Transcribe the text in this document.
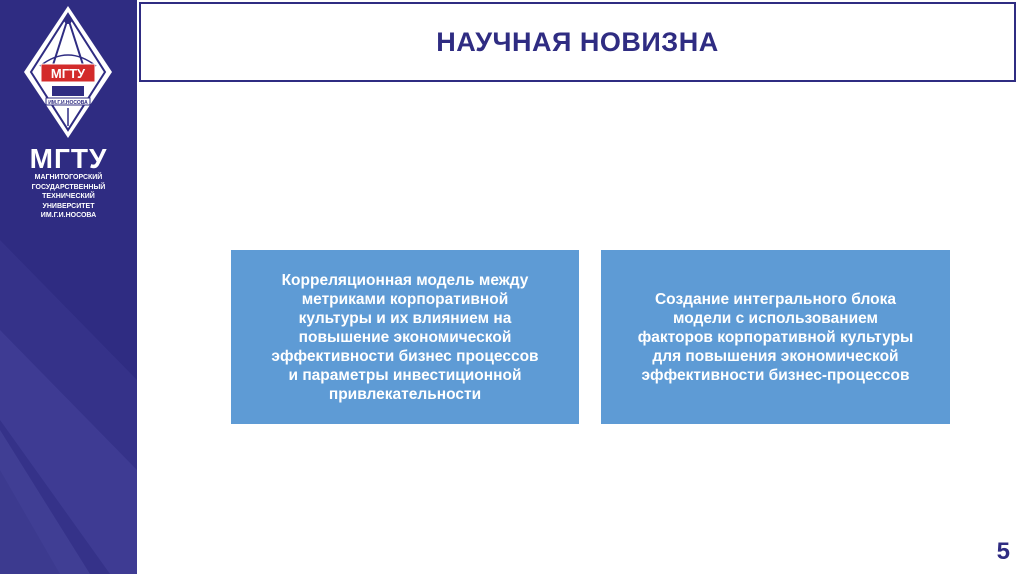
МГТУ
ИМ.Г.И.НОСОВА
МГТУ
МАГНИТОГОРСКИЙ
ГОСУДАРСТВЕННЫЙ
ТЕХНИЧЕСКИЙ
УНИВЕРСИТЕТ
ИМ.Г.И.НОСОВА
НАУЧНАЯ НОВИЗНА
Корреляционная модель между
метриками корпоративной
культуры и их влиянием на
повышение экономической
эффективности бизнес процессов
и параметры инвестиционной
привлекательности
Создание интегрального блока
модели с использованием
факторов корпоративной культуры
для повышения экономической
эффективности бизнес-процессов
5
